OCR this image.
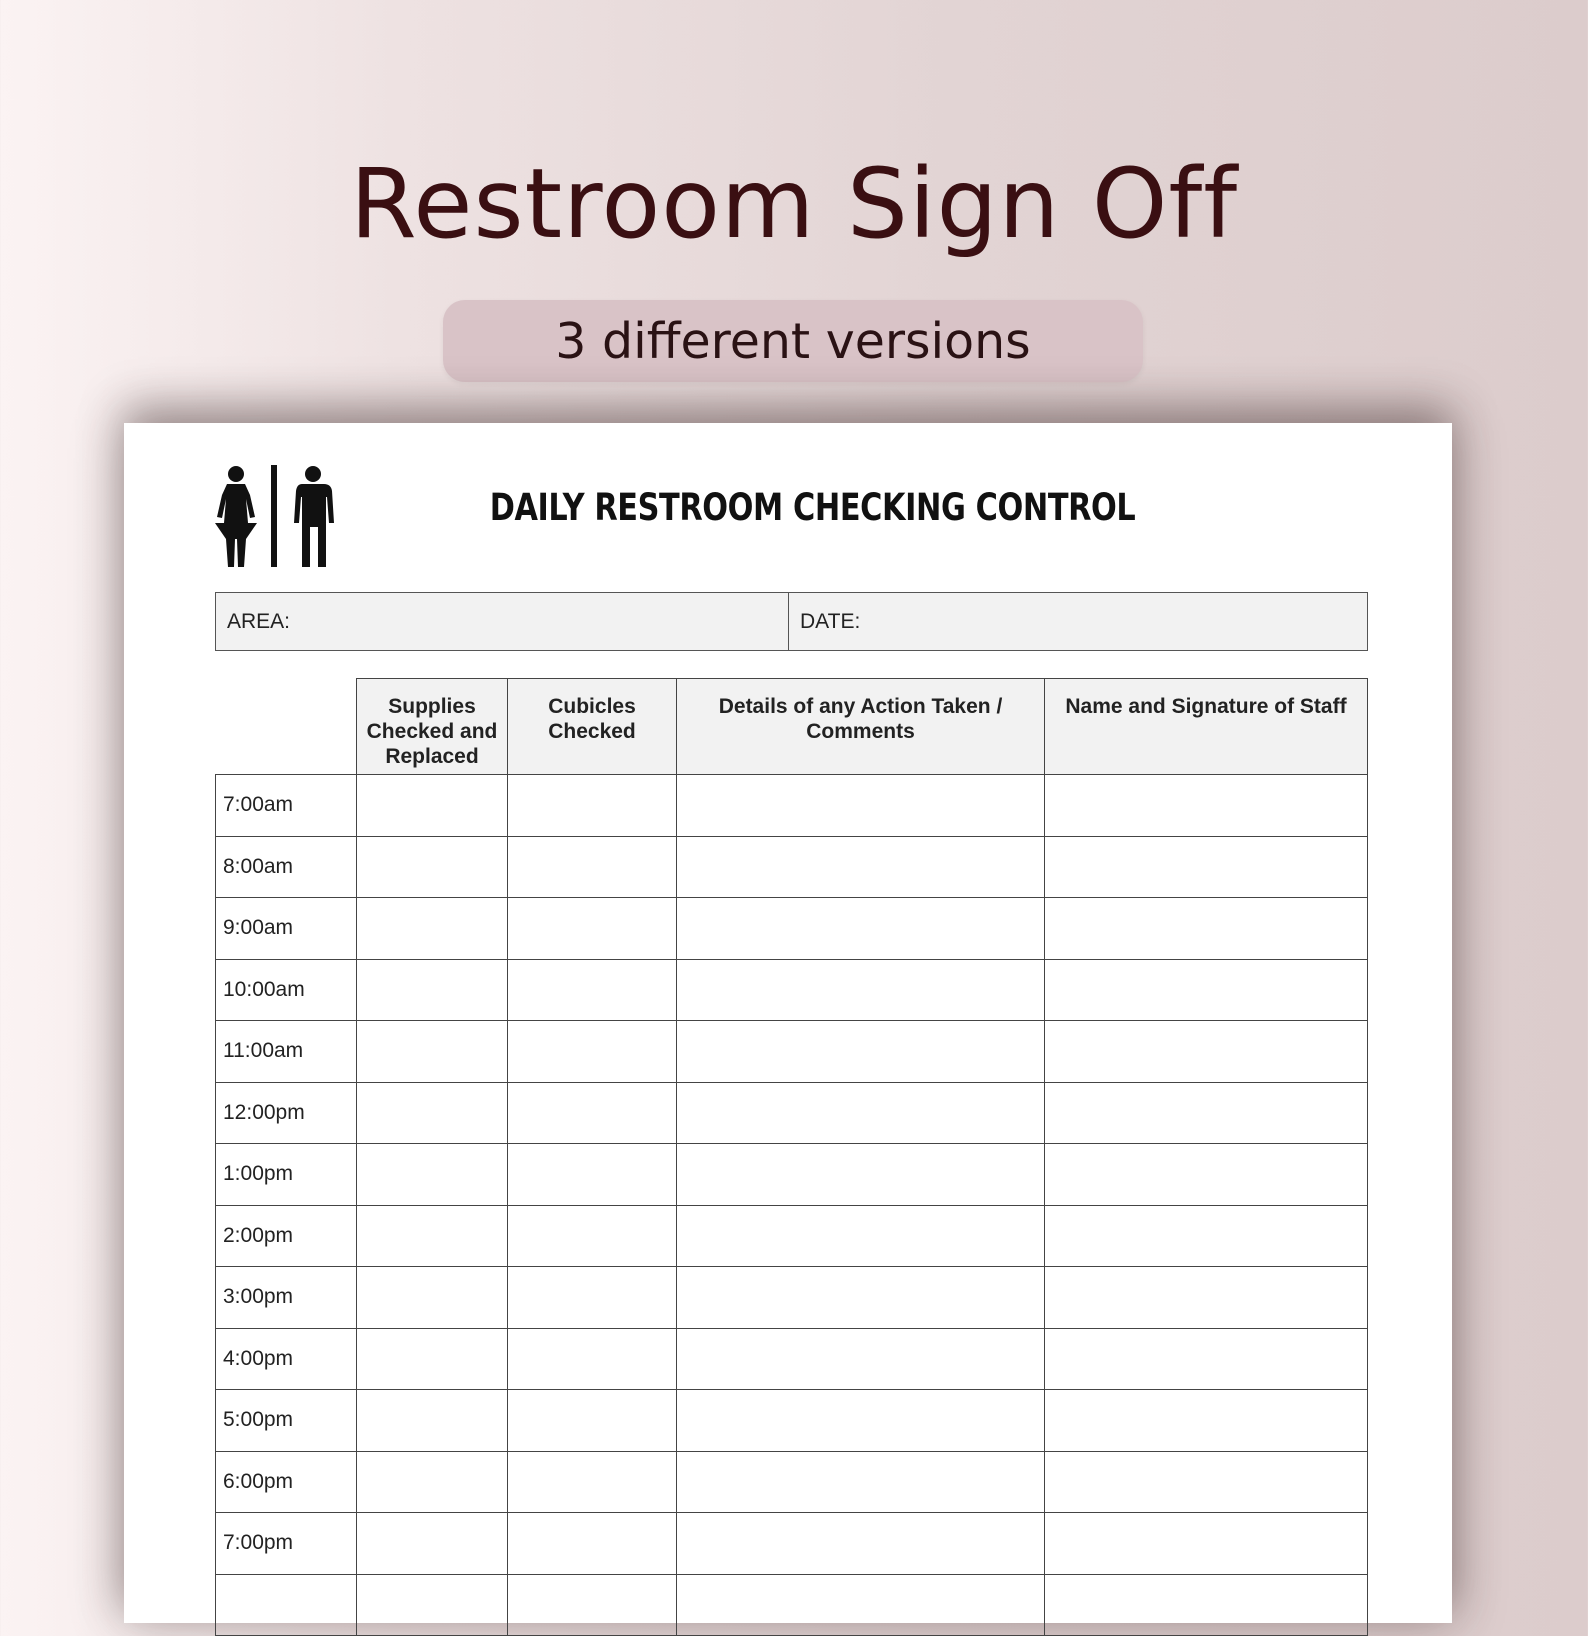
Restroom Sign Off
3 different versions
DAILY RESTROOM CHECKING CONTROL
AREA:	DATE:
	Supplies Checked and Replaced	Cubicles Checked	Details of any Action Taken / Comments	Name and Signature of Staff
7:00am				
8:00am				
9:00am				
10:00am				
11:00am				
12:00pm				
1:00pm				
2:00pm				
3:00pm				
4:00pm				
5:00pm				
6:00pm				
7:00pm				
